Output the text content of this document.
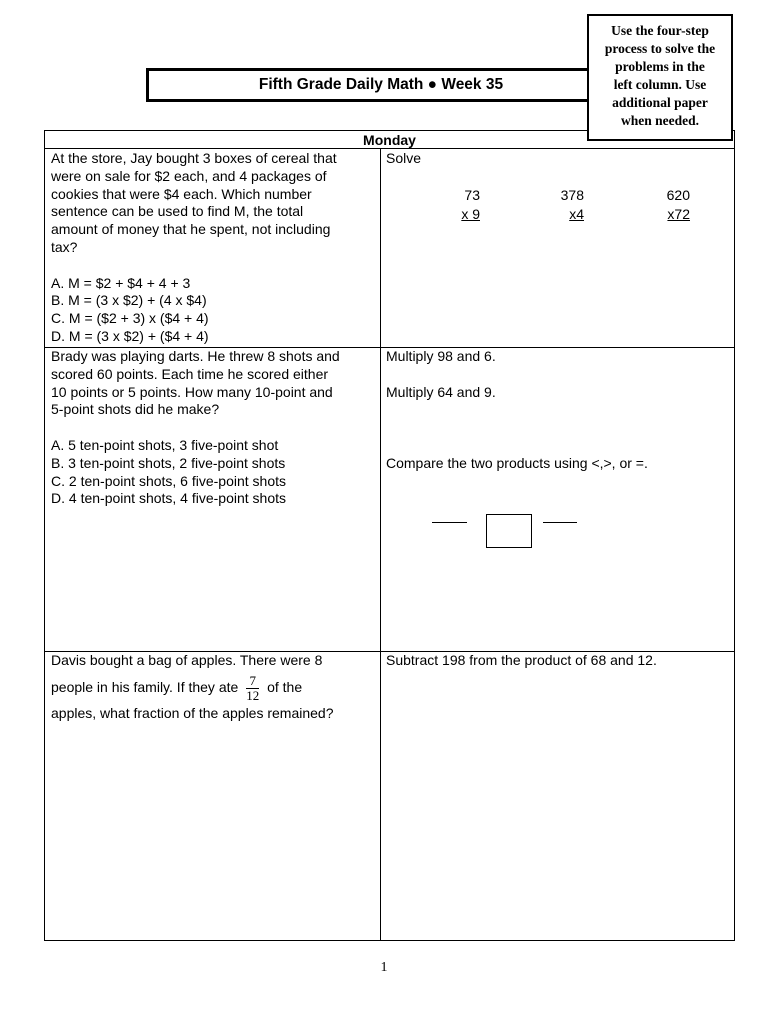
Use the four-step
process to solve the
problems in the
left column. Use
additional paper
when needed.
Fifth Grade Daily Math ● Week 35
Monday

At the store, Jay bought 3 boxes of cereal that

were on sale for $2 each, and 4 packages of

cookies that were $4 each. Which number

sentence can be used to find M, the total

amount of money that he spent, not including

tax?

A. M = $2 + $4 + 4 + 3

B. M = (3 x $2) + (4 x $4)

C. M = ($2 + 3) x ($4 + 4)

D. M = (3 x $2) + ($4 + 4)

Solve

73
x 9
378
x4
620
x72

Brady was playing darts. He threw 8 shots and

scored 60 points. Each time he scored either

10 points or 5 points. How many 10-point and

5-point shots did he make?

A. 5 ten-point shots, 3 five-point shot

B. 3 ten-point shots, 2 five-point shots

C. 2 ten-point shots, 6 five-point shots

D. 4 ten-point shots, 4 five-point shots

Multiply 98 and 6.

Multiply 64 and 9.

Compare the two products using <,>, or =.

Davis bought a bag of apples. There were 8

people in his family. If they ate $\frac{7}{12}$ of the

apples, what fraction of the apples remained?

Subtract 198 from the product of 68 and 12.

1
